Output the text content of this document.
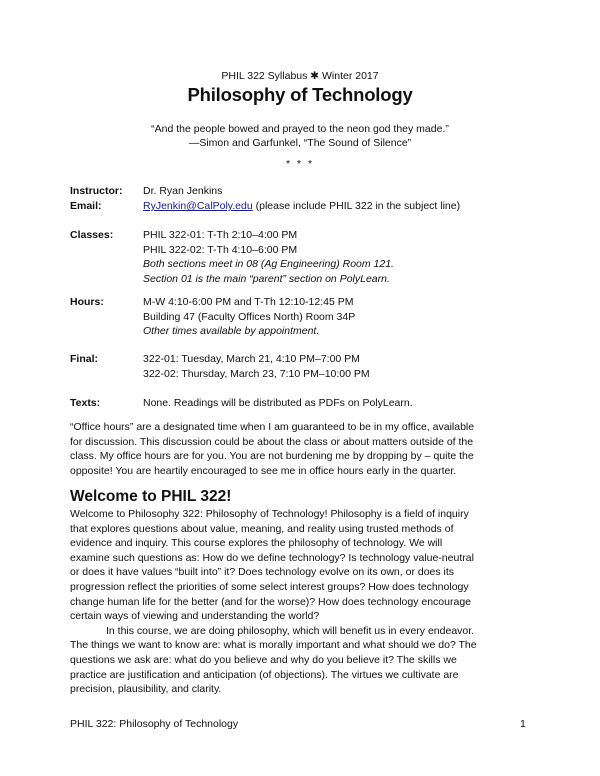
PHIL 322 Syllabus ✱ Winter 2017
Philosophy of Technology
“And the people bowed and prayed to the neon god they made.”
—Simon and Garfunkel, “The Sound of Silence”
* * *
Instructor: Dr. Ryan Jenkins
Email:	RyJenkin@CalPoly.edu (please include PHIL 322 in the subject line)
Classes:	PHIL 322-01: T-Th 2:10–4:00 PM
PHIL 322-02: T-Th 4:10–6:00 PM
Both sections meet in 08 (Ag Engineering) Room 121.
Section 01 is the main “parent” section on PolyLearn.
Hours:	M-W 4:10-6:00 PM and T-Th 12:10-12:45 PM
Building 47 (Faculty Offices North) Room 34P
Other times available by appointment.
Final:	322-01: Tuesday, March 21, 4:10 PM–7:00 PM
322-02: Thursday, March 23, 7:10 PM–10:00 PM
Texts:	None. Readings will be distributed as PDFs on PolyLearn.
“Office hours” are a designated time when I am guaranteed to be in my office, available
for discussion. This discussion could be about the class or about matters outside of the
class. My office hours are for you. You are not burdening me by dropping by – quite the
opposite! You are heartily encouraged to see me in office hours early in the quarter.
Welcome to PHIL 322!
Welcome to Philosophy 322: Philosophy of Technology! Philosophy is a field of inquiry
that explores questions about value, meaning, and reality using trusted methods of
evidence and inquiry. This course explores the philosophy of technology. We will
examine such questions as: How do we define technology? Is technology value-neutral
or does it have values “built into” it? Does technology evolve on its own, or does its
progression reflect the priorities of some select interest groups? How does technology
change human life for the better (and for the worse)? How does technology encourage
certain ways of viewing and understanding the world?
In this course, we are doing philosophy, which will benefit us in every endeavor.
The things we want to know are: what is morally important and what should we do? The
questions we ask are: what do you believe and why do you believe it? The skills we
practice are justification and anticipation (of objections). The virtues we cultivate are
precision, plausibility, and clarity.
PHIL 322: Philosophy of Technology	1
